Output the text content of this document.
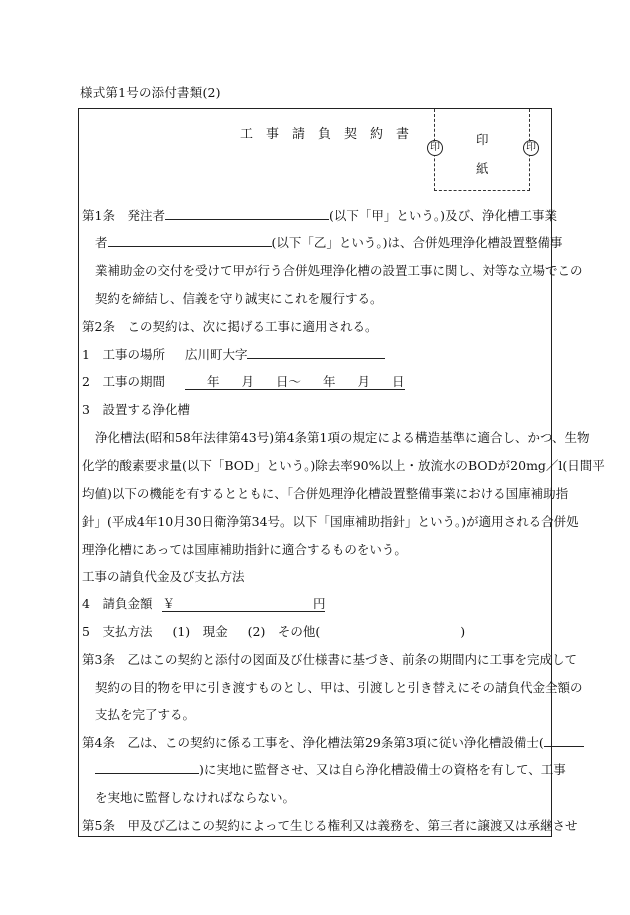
様式第1号の添付書類(2)
工事請負契約書	印
紙
印	印
第1条　発注者	(以下「甲」という。)及び、浄化槽工事業
者	(以下「乙」という。)は、合併処理浄化槽設置整備事
業補助金の交付を受けて甲が行う合併処理浄化槽の設置工事に関し、対等な立場でこの
契約を締結し、信義を守り誠実にこれを履行する。
第2条　この契約は、次に掲げる工事に適用される。
1　工事の場所 広川町大字
2　工事の期間	年 月 日～ 年 月 日
3　設置する浄化槽
浄化槽法(昭和58年法律第43号)第4条第1項の規定による構造基準に適合し、かつ、生物
化学的酸素要求量(以下「BOD」という。)除去率90%以上・放流水のBODが20mg／l(日間平
均値)以下の機能を有するとともに、「合併処理浄化槽設置整備事業における国庫補助指
針」(平成4年10月30日衛浄第34号。以下「国庫補助指針」という。)が適用される合併処
理浄化槽にあっては国庫補助指針に適合するものをいう。
工事の請負代金及び支払方法
4　請負金額 ￥	円
5　支払方法 (1)　現金 (2)　その他(	)
第3条　乙はこの契約と添付の図面及び仕様書に基づき、前条の期間内に工事を完成して
契約の目的物を甲に引き渡すものとし、甲は、引渡しと引き替えにその請負代金全額の
支払を完了する。
第4条　乙は、この契約に係る工事を、浄化槽法第29条第3項に従い浄化槽設備士(
)に実地に監督させ、又は自ら浄化槽設備士の資格を有して、工事
を実地に監督しなければならない。
第5条　甲及び乙はこの契約によって生じる権利又は義務を、第三者に譲渡又は承継させ
